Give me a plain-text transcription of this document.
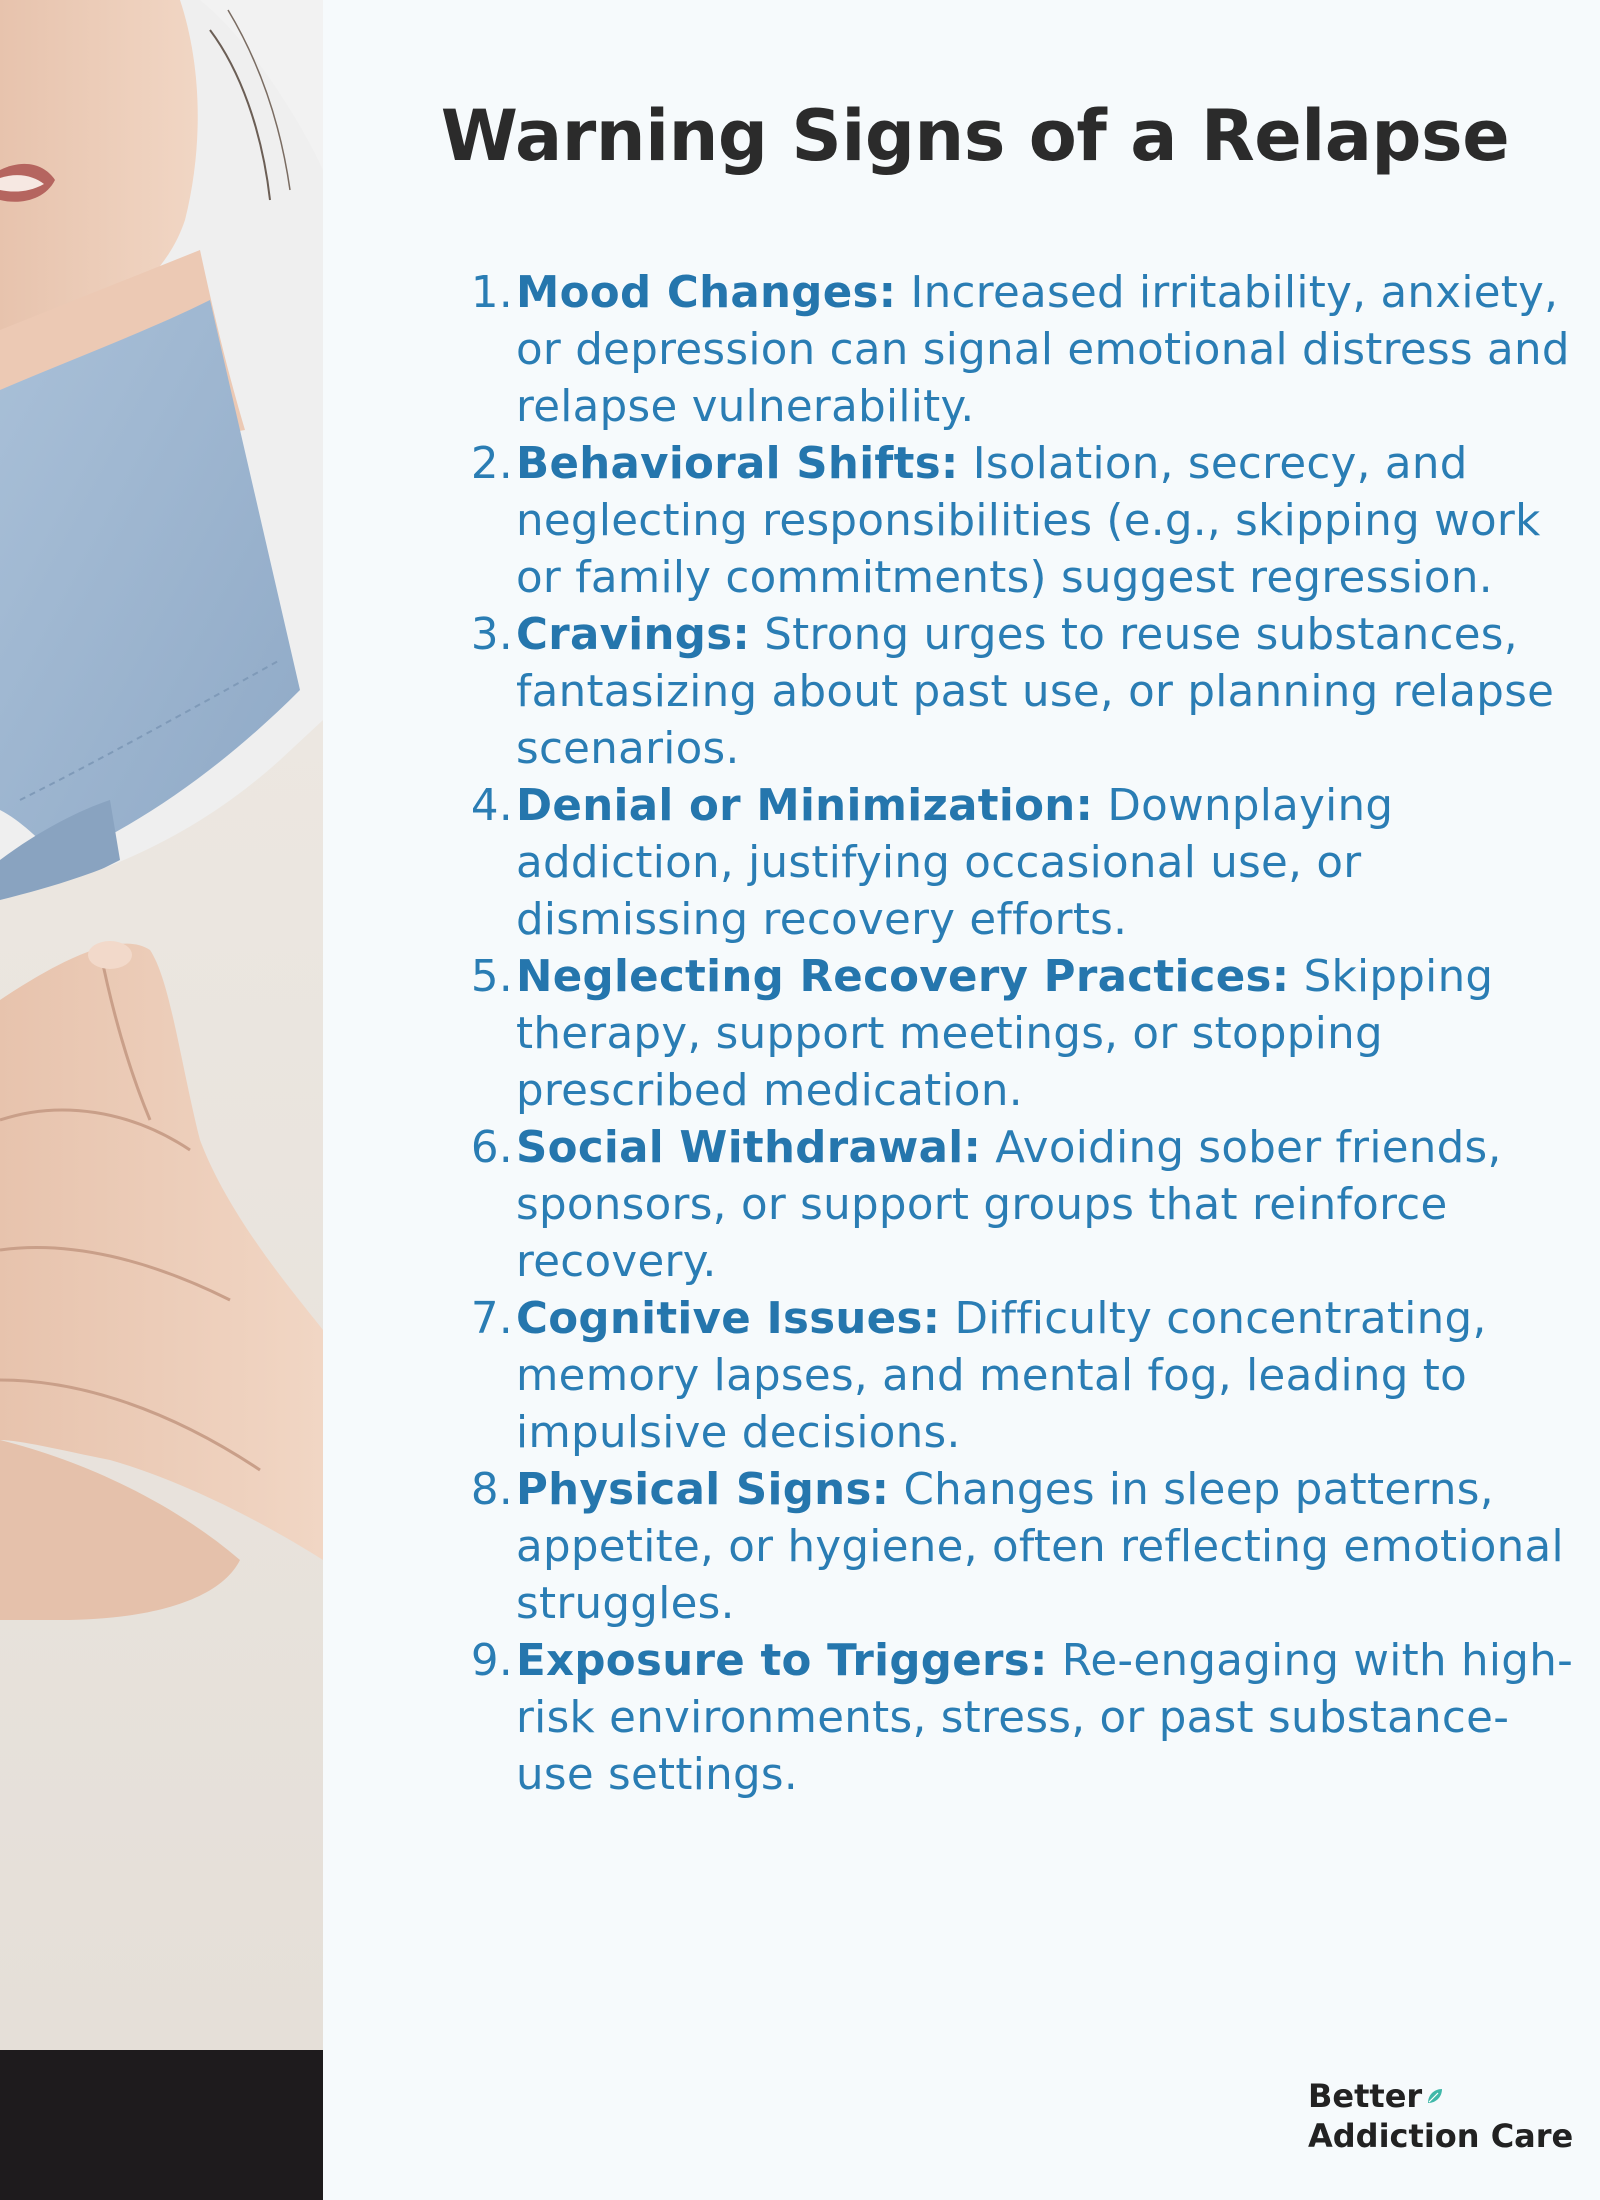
Warning Signs of a Relapse
1. Mood Changes: Increased irritability, anxiety, or depression can signal emotional distress and relapse vulnerability.
2. Behavioral Shifts: Isolation, secrecy, and neglecting responsibilities (e.g., skipping work or family commitments) suggest regression.
3. Cravings: Strong urges to reuse substances, fantasizing about past use, or planning relapse scenarios.
4. Denial or Minimization: Downplaying addiction, justifying occasional use, or dismissing recovery efforts.
5. Neglecting Recovery Practices: Skipping therapy, support meetings, or stopping prescribed medication.
6. Social Withdrawal: Avoiding sober friends, sponsors, or support groups that reinforce recovery.
7. Cognitive Issues: Difficulty concentrating, memory lapses, and mental fog, leading to impulsive decisions.
8. Physical Signs: Changes in sleep patterns, appetite, or hygiene, often reflecting emotional struggles.
9. Exposure to Triggers: Re-engaging with high-risk environments, stress, or past substance-use settings.
Better
Addiction Care
